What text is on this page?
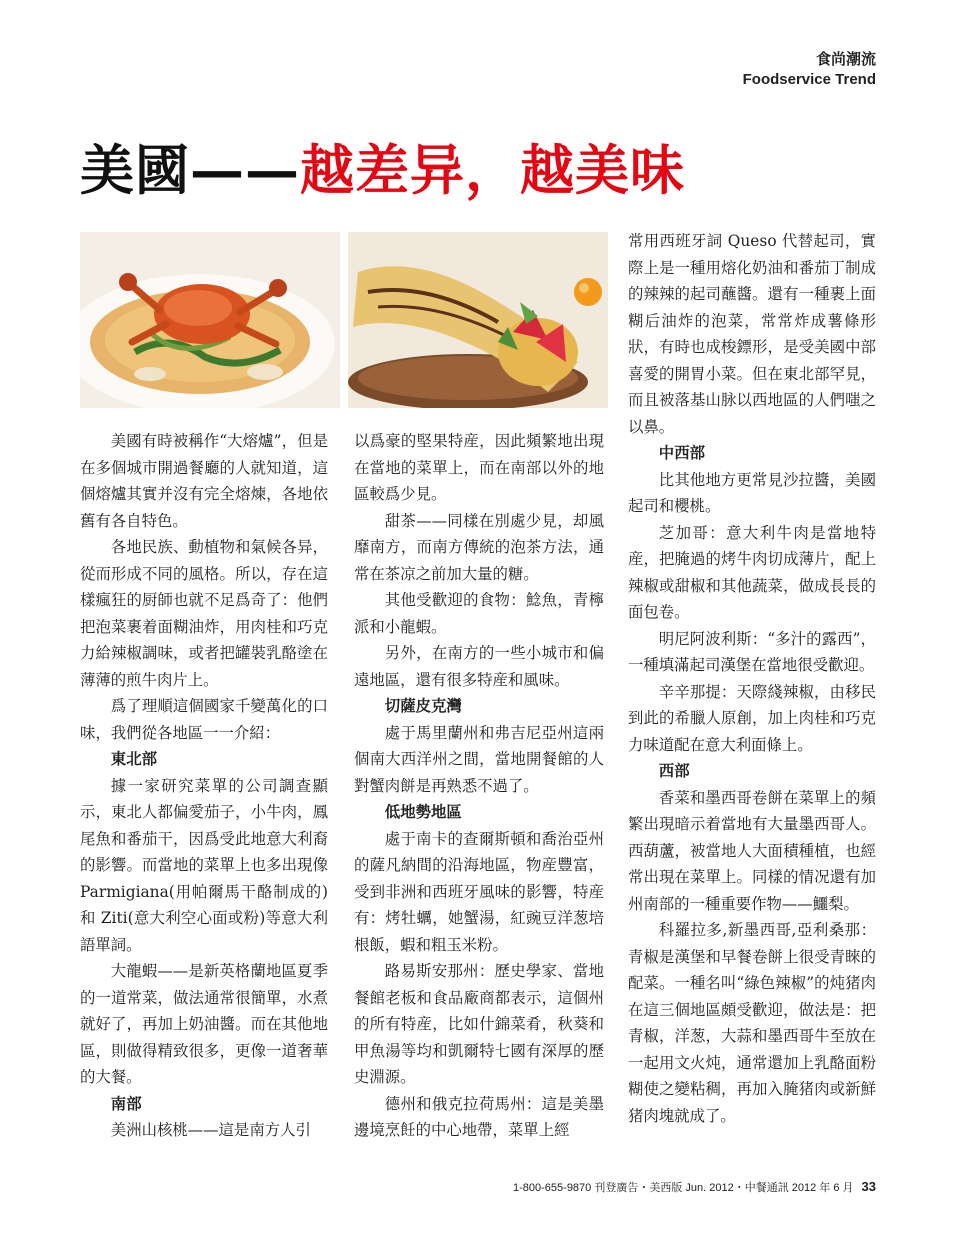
食尚潮流
Foodservice Trend
美國——越差异，越美味

美國有時被稱作“大熔爐”，但是在多個城市開過餐廳的人就知道，這個熔爐其實并沒有完全熔煉，各地依舊有各自特色。

各地民族、動植物和氣候各异，從而形成不同的風格。所以，存在這樣瘋狂的厨師也就不足爲奇了：他們把泡菜裹着面糊油炸，用肉桂和巧克力給辣椒調味，或者把罐裝乳酪塗在薄薄的煎牛肉片上。

爲了理順這個國家千變萬化的口味，我們從各地區一一介紹：

東北部

據一家研究菜單的公司調查顯示，東北人都偏愛茄子，小牛肉，鳳尾魚和番茄干，因爲受此地意大利裔的影響。而當地的菜單上也多出現像 Parmigiana(用帕爾馬干酪制成的)和 Ziti(意大利空心面或粉)等意大利語單詞。

大龍蝦——是新英格蘭地區夏季的一道常菜，做法通常很簡單，水煮就好了，再加上奶油醬。而在其他地區，則做得精致很多，更像一道奢華的大餐。

南部

美洲山核桃——這是南方人引

以爲豪的堅果特産，因此頻繁地出現在當地的菜單上，而在南部以外的地區較爲少見。

甜茶——同樣在別處少見，却風靡南方，而南方傳統的泡茶方法，通常在茶凉之前加大量的糖。

其他受歡迎的食物：鯰魚，青檸派和小龍蝦。

另外，在南方的一些小城市和偏遠地區，還有很多特産和風味。

切薩皮克灣

處于馬里蘭州和弗吉尼亞州這兩個南大西洋州之間，當地開餐館的人對蟹肉餅是再熟悉不過了。

低地勢地區

處于南卡的查爾斯頓和喬治亞州的薩凡納間的沿海地區，物産豐富，受到非洲和西班牙風味的影響，特産有：烤牡蠣，她蟹湯，紅豌豆洋葱培根飯，蝦和粗玉米粉。

路易斯安那州：歷史學家、當地餐館老板和食品廠商都表示，這個州的所有特産，比如什錦菜肴，秋葵和甲魚湯等均和凱爾特七國有深厚的歷史淵源。

德州和俄克拉荷馬州：這是美墨邊境烹飪的中心地帶，菜單上經

常用西班牙詞 Queso 代替起司，實際上是一種用熔化奶油和番茄丁制成的辣辣的起司蘸醬。還有一種裹上面糊后油炸的泡菜，常常炸成薯條形狀，有時也成梭鏢形，是受美國中部喜愛的開胃小菜。但在東北部罕見，而且被落基山脉以西地區的人們嗤之以鼻。

中西部

比其他地方更常見沙拉醬，美國起司和櫻桃。

芝加哥：意大利牛肉是當地特産，把腌過的烤牛肉切成薄片，配上辣椒或甜椒和其他蔬菜，做成長長的面包卷。

明尼阿波利斯：“多汁的露西”，一種填滿起司漢堡在當地很受歡迎。

辛辛那提：天際綫辣椒，由移民到此的希臘人原創，加上肉桂和巧克力味道配在意大利面條上。

西部

香菜和墨西哥卷餅在菜單上的頻繁出現暗示着當地有大量墨西哥人。西葫蘆，被當地人大面積種植，也經常出現在菜單上。同樣的情况還有加州南部的一種重要作物——鱷梨。

科羅拉多,新墨西哥,亞利桑那：青椒是漢堡和早餐卷餅上很受青睞的配菜。一種名叫“綠色辣椒”的炖猪肉在這三個地區頗受歡迎，做法是：把青椒，洋葱，大蒜和墨西哥牛至放在一起用文火炖，通常還加上乳酪面粉糊使之變粘稠，再加入腌猪肉或新鮮猪肉塊就成了。

1-800-655-9870 刊登廣告・美西版 Jun. 2012・中餐通訊 2012 年 6 月 33
